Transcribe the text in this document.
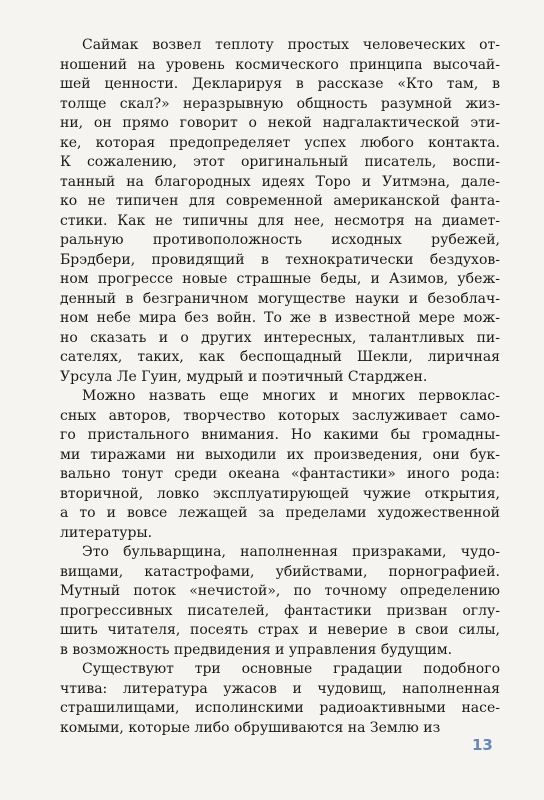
Саймак возвел теплоту простых человеческих от-
ношений на уровень космического принципа высочай-
шей ценности. Декларируя в рассказе «Кто там, в
толще скал?» неразрывную общность разумной жиз-
ни, он прямо говорит о некой надгалактической эти-
ке, которая предопределяет успех любого контакта.
К сожалению, этот оригинальный писатель, воспи-
танный на благородных идеях Торо и Уитмэна, дале-
ко не типичен для современной американской фанта-
стики. Как не типичны для нее, несмотря на диамет-
ральную противоположность исходных рубежей,
Брэдбери, провидящий в технократически бездухов-
ном прогрессе новые страшные беды, и Азимов, убеж-
денный в безграничном могуществе науки и безоблач-
ном небе мира без войн. То же в известной мере мож-
но сказать и о других интересных, талантливых пи-
сателях, таких, как беспощадный Шекли, лиричная
Урсула Ле Гуин, мудрый и поэтичный Старджен.
Можно назвать еще многих и многих первоклас-
сных авторов, творчество которых заслуживает само-
го пристального внимания. Но какими бы громадны-
ми тиражами ни выходили их произведения, они бук-
вально тонут среди океана «фантастики» иного рода:
вторичной, ловко эксплуатирующей чужие открытия,
а то и вовсе лежащей за пределами художественной
литературы.
Это бульварщина, наполненная призраками, чудо-
вищами, катастрофами, убийствами, порнографией.
Мутный поток «нечистой», по точному определению
прогрессивных писателей, фантастики призван оглу-
шить читателя, посеять страх и неверие в свои силы,
в возможность предвидения и управления будущим.
Существуют три основные градации подобного
чтива: литература ужасов и чудовищ, наполненная
страшилищами, исполинскими радиоактивными насе-
комыми, которые либо обрушиваются на Землю из
13
